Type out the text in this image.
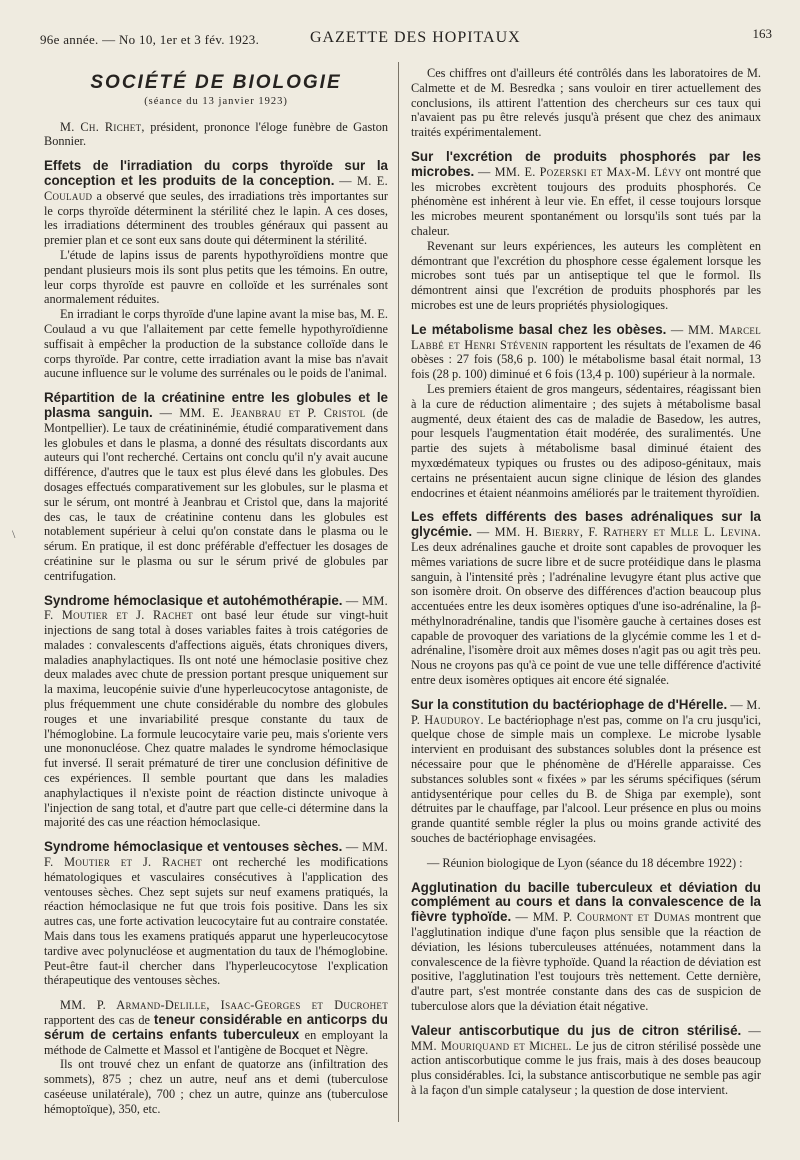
96e année. — No 10, 1er et 3 fév. 1923.	GAZETTE DES HOPITAUX	163
\
SOCIÉTÉ DE BIOLOGIE
(séance du 13 janvier 1923)

M. Ch. Richet, président, prononce l'éloge funèbre de Gaston Bonnier.

Effets de l'irradiation du corps thyroïde sur la conception et les produits de la conception. — M. E. Coulaud a observé que seules, des irradiations très importantes sur le corps thyroïde déterminent la stérilité chez le lapin. A ces doses, les irradiations déterminent des troubles généraux qui passent au premier plan et ce sont eux sans doute qui déterminent la stérilité.

L'étude de lapins issus de parents hypothyroïdiens montre que pendant plusieurs mois ils sont plus petits que les témoins. En outre, leur corps thyroïde est pauvre en colloïde et les surrénales sont anormalement réduites.

En irradiant le corps thyroïde d'une lapine avant la mise bas, M. E. Coulaud a vu que l'allaitement par cette femelle hypothyroïdienne suffisait à empêcher la production de la substance colloïde dans le corps thyroïde. Par contre, cette irradiation avant la mise bas n'avait aucune influence sur le volume des surrénales ou le poids de l'animal.

Répartition de la créatinine entre les globules et le plasma sanguin. — MM. E. Jeanbrau et P. Cristol (de Montpellier). Le taux de créatininémie, étudié comparativement dans les globules et dans le plasma, a donné des résultats discordants aux auteurs qui l'ont recherché. Certains ont conclu qu'il n'y avait aucune différence, d'autres que le taux est plus élevé dans les globules. Des dosages effectués comparativement sur les globules, sur le plasma et sur le sérum, ont montré à Jeanbrau et Cristol que, dans la majorité des cas, le taux de créatinine contenu dans les globules est notablement supérieur à celui qu'on constate dans le plasma ou le sérum. En pratique, il est donc préférable d'effectuer les dosages de créatinine sur le plasma ou sur le sérum privé de globules par centrifugation.

Syndrome hémoclasique et autohémothérapie. — MM. F. Moutier et J. Rachet ont basé leur étude sur vingt-huit injections de sang total à doses variables faites à trois catégories de malades : convalescents d'affections aiguës, états chroniques divers, maladies anaphylactiques. Ils ont noté une hémoclasie positive chez deux malades avec chute de pression portant presque uniquement sur la maxima, leucopénie suivie d'une hyperleucocytose antagoniste, de plus fréquemment une chute considérable du nombre des globules rouges et une invariabilité presque constante du taux de l'hémoglobine. La formule leucocytaire varie peu, mais s'oriente vers une mononucléose. Chez quatre malades le syndrome hémoclasique fut inversé. Il serait prématuré de tirer une conclusion définitive de ces expériences. Il semble pourtant que dans les maladies anaphylactiques il n'existe point de réaction distincte univoque à l'injection de sang total, et d'autre part que celle-ci détermine dans la majorité des cas une réaction hémoclasique.

Syndrome hémoclasique et ventouses sèches. — MM. F. Moutier et J. Rachet ont recherché les modifications hématologiques et vasculaires consécutives à l'application des ventouses sèches. Chez sept sujets sur neuf examens pratiqués, la réaction hémoclasique ne fut que trois fois positive. Dans les six autres cas, une forte activation leucocytaire fut au contraire constatée. Mais dans tous les examens pratiqués apparut une hyperleucocytose tardive avec polynucléose et augmentation du taux de l'hémoglobine. Peut-être faut-il chercher dans l'hyperleucocytose l'explication thérapeutique des ventouses sèches.

MM. P. Armand-Delille, Isaac-Georges et Ducrohet rapportent des cas de teneur considérable en anticorps du sérum de certains enfants tuberculeux en employant la méthode de Calmette et Massol et l'antigène de Bocquet et Nègre.

Ils ont trouvé chez un enfant de quatorze ans (infiltration des sommets), 875 ; chez un autre, neuf ans et demi (tuberculose caséeuse unilatérale), 700 ; chez un autre, quinze ans (tuberculose hémoptoïque), 350, etc.

Ces chiffres ont d'ailleurs été contrôlés dans les laboratoires de M. Calmette et de M. Besredka ; sans vouloir en tirer actuellement des conclusions, ils attirent l'attention des chercheurs sur ces taux qui n'avaient pas pu être relevés jusqu'à présent que chez des animaux traités expérimentalement.

Sur l'excrétion de produits phosphorés par les microbes. — MM. E. Pozerski et Max-M. Lévy ont montré que les microbes excrètent toujours des produits phosphorés. Ce phénomène est inhérent à leur vie. En effet, il cesse toujours lorsque les microbes meurent spontanément ou lorsqu'ils sont tués par la chaleur.

Revenant sur leurs expériences, les auteurs les complètent en démontrant que l'excrétion du phosphore cesse également lorsque les microbes sont tués par un antiseptique tel que le formol. Ils démontrent ainsi que l'excrétion de produits phosphorés par les microbes est une de leurs propriétés physiologiques.

Le métabolisme basal chez les obèses. — MM. Marcel Labbé et Henri Stévenin rapportent les résultats de l'examen de 46 obèses : 27 fois (58,6 p. 100) le métabolisme basal était normal, 13 fois (28 p. 100) diminué et 6 fois (13,4 p. 100) supérieur à la normale.

Les premiers étaient de gros mangeurs, sédentaires, réagissant bien à la cure de réduction alimentaire ; des sujets à métabolisme basal augmenté, deux étaient des cas de maladie de Basedow, les autres, pour lesquels l'augmentation était modérée, des suralimentés. Une partie des sujets à métabolisme basal diminué étaient des myxœdémateux typiques ou frustes ou des adiposo-génitaux, mais certains ne présentaient aucun signe clinique de lésion des glandes endocrines et étaient néanmoins améliorés par le traitement thyroïdien.

Les effets différents des bases adrénaliques sur la glycémie. — MM. H. Bierry, F. Rathery et Mlle L. Levina. Les deux adrénalines gauche et droite sont capables de provoquer les mêmes variations de sucre libre et de sucre protéidique dans le plasma sanguin, à l'intensité près ; l'adrénaline levugyre étant plus active que son isomère droit. On observe des différences d'action beaucoup plus accentuées entre les deux isomères optiques d'une iso-adrénaline, la β-méthylnoradrénaline, tandis que l'isomère gauche à certaines doses est capable de provoquer des variations de la glycémie comme les 1 et d-adrénaline, l'isomère droit aux mêmes doses n'agit pas ou agit très peu. Nous ne croyons pas qu'à ce point de vue une telle différence d'activité entre deux isomères optiques ait encore été signalée.

Sur la constitution du bactériophage de d'Hérelle. — M. P. Hauduroy. Le bactériophage n'est pas, comme on l'a cru jusqu'ici, quelque chose de simple mais un complexe. Le microbe lysable intervient en produisant des substances solubles dont la présence est nécessaire pour que le phénomène de d'Hérelle apparaisse. Ces substances solubles sont « fixées » par les sérums spécifiques (sérum antidysentérique pour celles du B. de Shiga par exemple), sont détruites par le chauffage, par l'alcool. Leur présence en plus ou moins grande quantité semble régler la plus ou moins grande activité des souches de bactériophage envisagées.

— Réunion biologique de Lyon (séance du 18 décembre 1922) :

Agglutination du bacille tuberculeux et déviation du complément au cours et dans la convalescence de la fièvre typhoïde. — MM. P. Courmont et Dumas montrent que l'agglutination indique d'une façon plus sensible que la réaction de déviation, les lésions tuberculeuses atténuées, notamment dans la convalescence de la fièvre typhoïde. Quand la réaction de déviation est positive, l'agglutination l'est toujours très nettement. Cette dernière, d'autre part, s'est montrée constante dans des cas de suspicion de tuberculose alors que la déviation était négative.

Valeur antiscorbutique du jus de citron stérilisé. — MM. Mouriquand et Michel. Le jus de citron stérilisé possède une action antiscorbutique comme le jus frais, mais à des doses beaucoup plus considérables. Ici, la substance antiscorbutique ne semble pas agir à la façon d'un simple catalyseur ; la question de dose intervient.
